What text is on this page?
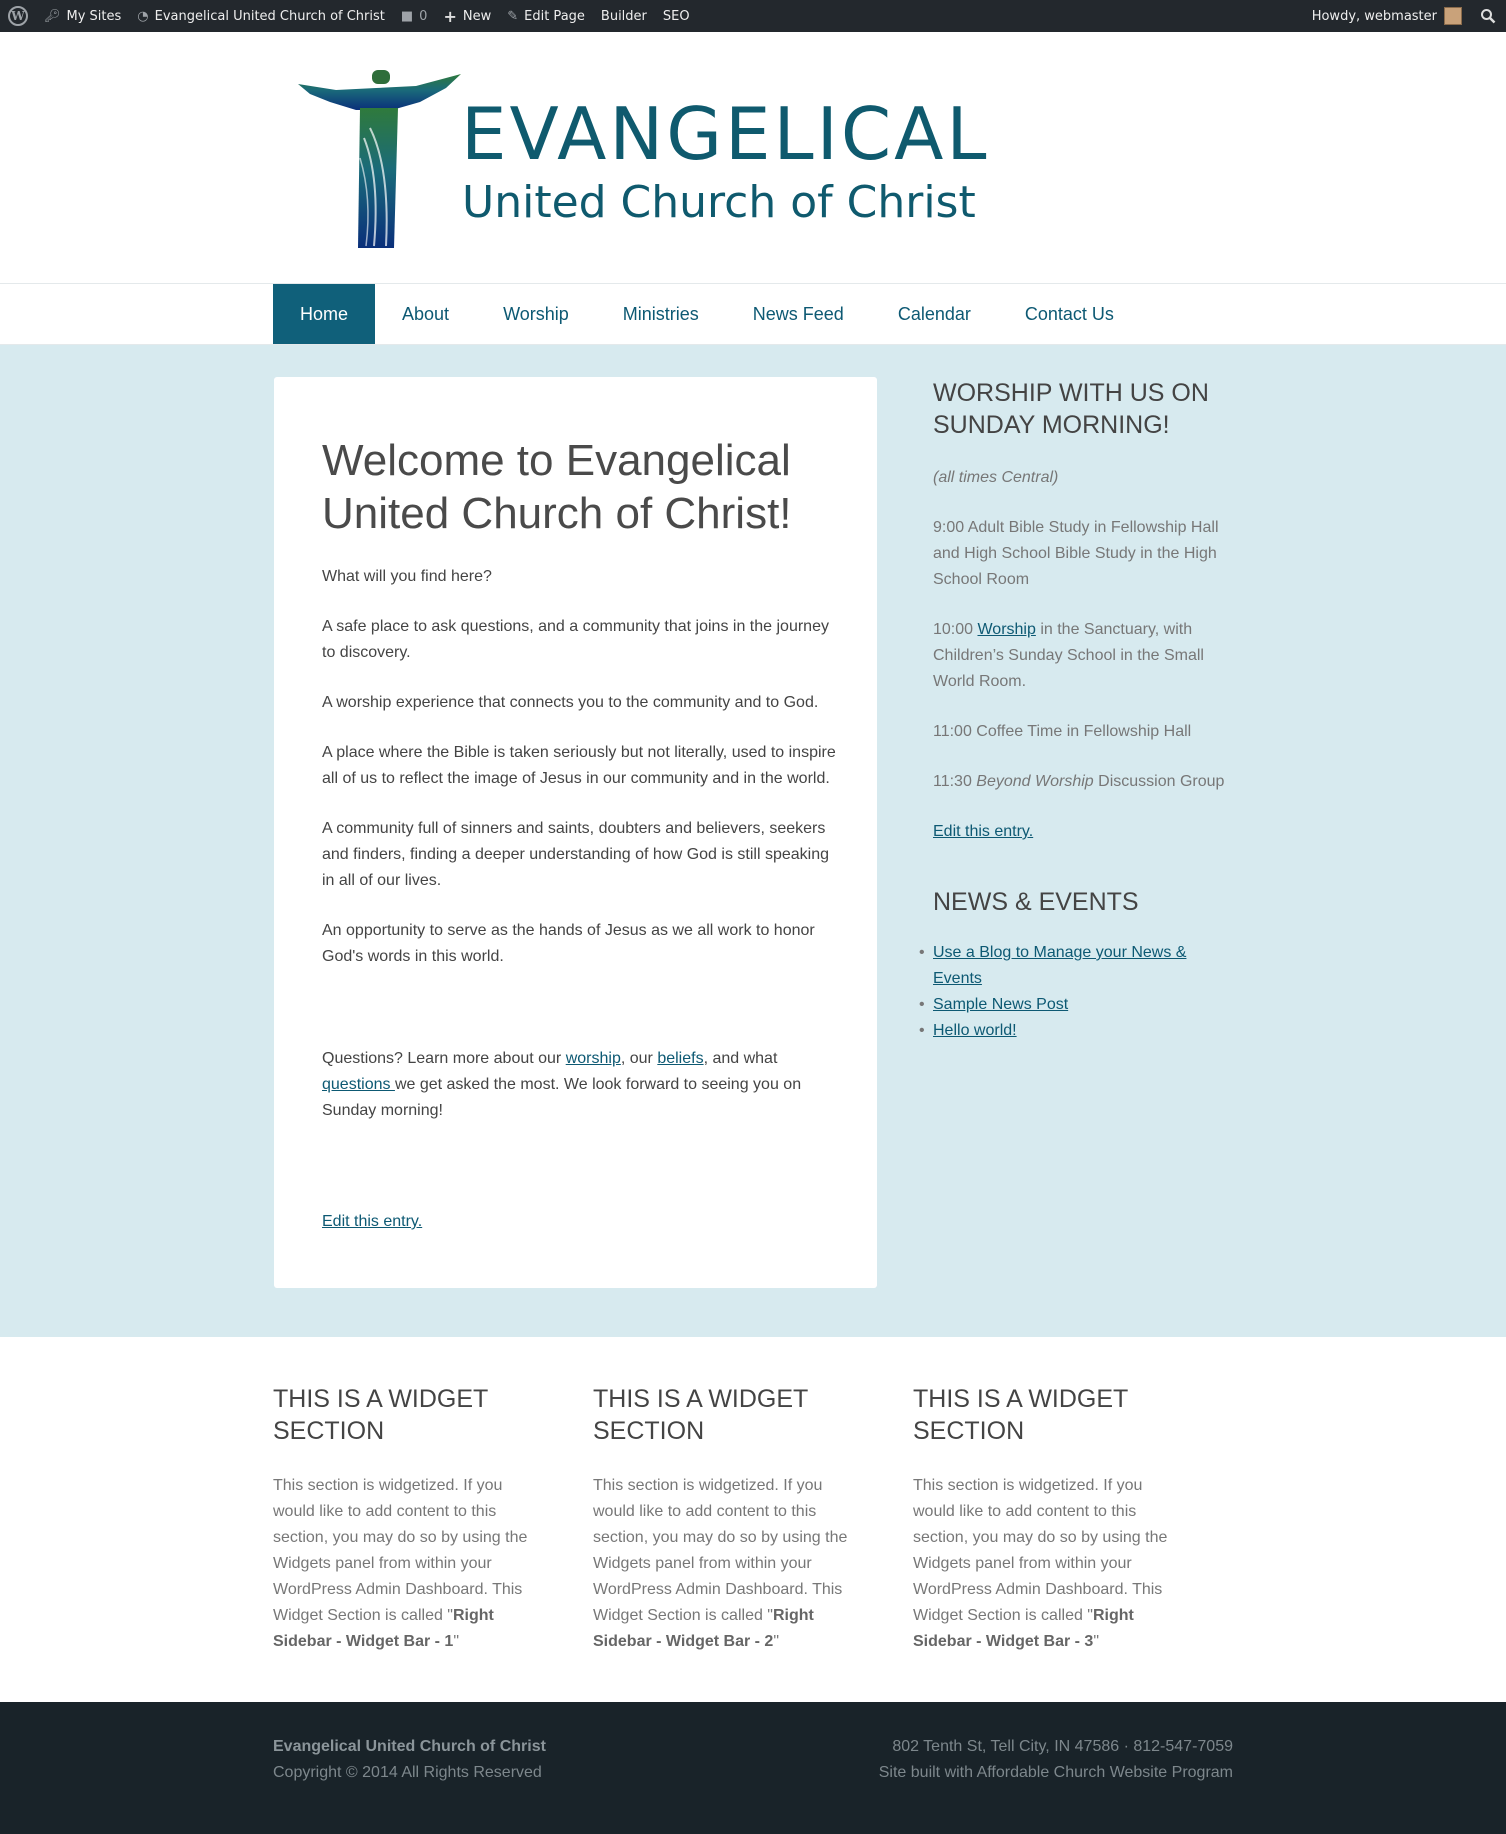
W 🔑︎ My Sites ◔ Evangelical United Church of Christ ■ 0 + New ✎ Edit Page Builder SEO	Howdy, webmaster
EVANGELICAL
United Church of Christ
Home	About	Worship	Ministries	News Feed	Calendar	Contact Us
Welcome to Evangelical United Church of Christ!

What will you find here?

A safe place to ask questions, and a community that joins in the journey to discovery.

A worship experience that connects you to the community and to God.

A place where the Bible is taken seriously but not literally, used to inspire all of us to reflect the image of Jesus in our community and in the world.

A community full of sinners and saints, doubters and believers, seekers and finders, finding a deeper understanding of how God is still speaking in all of our lives.

An opportunity to serve as the hands of Jesus as we all work to honor God's words in this world.

Questions? Learn more about our worship, our beliefs, and what questions we get asked the most. We look forward to seeing you on Sunday morning!

Edit this entry.
WORSHIP WITH US ON SUNDAY MORNING!

(all times Central)

9:00 Adult Bible Study in Fellowship Hall and High School Bible Study in the High School Room

10:00 Worship in the Sanctuary, with Children’s Sunday School in the Small World Room.

11:00 Coffee Time in Fellowship Hall

11:30 Beyond Worship Discussion Group

Edit this entry.

NEWS & EVENTS
• Use a Blog to Manage your News & Events
• Sample News Post
• Hello world!
THIS IS A WIDGET SECTION

This section is widgetized. If you would like to add content to this section, you may do so by using the Widgets panel from within your WordPress Admin Dashboard. This Widget Section is called "Right Sidebar - Widget Bar - 1"

THIS IS A WIDGET SECTION

This section is widgetized. If you would like to add content to this section, you may do so by using the Widgets panel from within your WordPress Admin Dashboard. This Widget Section is called "Right Sidebar - Widget Bar - 2"

THIS IS A WIDGET SECTION

This section is widgetized. If you would like to add content to this section, you may do so by using the Widgets panel from within your WordPress Admin Dashboard. This Widget Section is called "Right Sidebar - Widget Bar - 3"

Evangelical United Church of Christ
Copyright © 2014 All Rights Reserved
802 Tenth St, Tell City, IN 47586 · 812-547-7059
Site built with Affordable Church Website Program
